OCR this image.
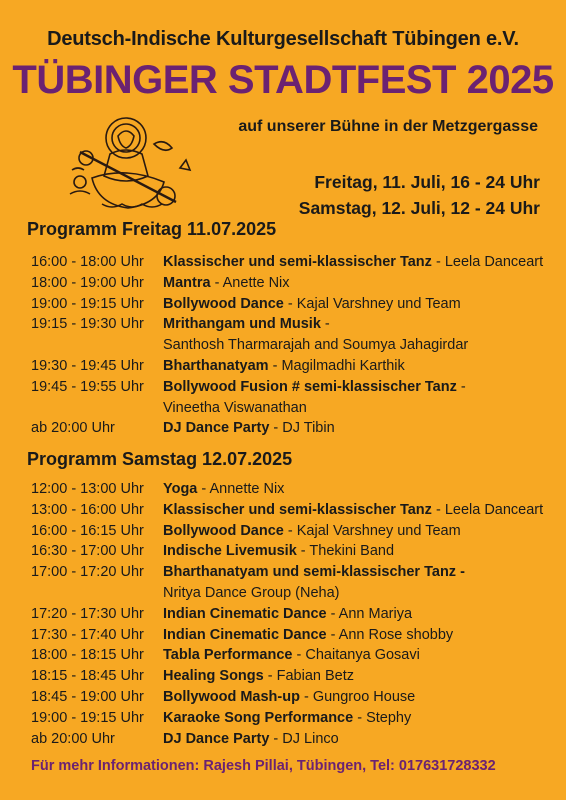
Deutsch-Indische Kulturgesellschaft Tübingen e.V.
TÜBINGER STADTFEST 2025
auf unserer Bühne in der Metzgergasse
Freitag, 11. Juli, 16 - 24 Uhr
Samstag, 12. Juli, 12 - 24 Uhr
Programm Freitag 11.07.2025
16:00 - 18:00 Uhr Klassischer und semi-klassischer Tanz - Leela Danceart
18:00 - 19:00 Uhr Mantra - Anette Nix
19:00 - 19:15 Uhr Bollywood Dance - Kajal Varshney und Team
19:15 - 19:30 Uhr Mrithangam und Musik -
Santhosh Tharmarajah and Soumya Jahagirdar
19:30 - 19:45 Uhr Bharthanatyam - Magilmadhi Karthik
19:45 - 19:55 Uhr Bollywood Fusion # semi-klassischer Tanz -
Vineetha Viswanathan
ab 20:00 Uhr	DJ Dance Party - DJ Tibin
Programm Samstag 12.07.2025
12:00 - 13:00 Uhr Yoga - Annette Nix
13:00 - 16:00 Uhr Klassischer und semi-klassischer Tanz - Leela Danceart
16:00 - 16:15 Uhr Bollywood Dance - Kajal Varshney und Team
16:30 - 17:00 Uhr Indische Livemusik - Thekini Band
17:00 - 17:20 Uhr Bharthanatyam und semi-klassischer Tanz -
Nritya Dance Group (Neha)
17:20 - 17:30 Uhr Indian Cinematic Dance - Ann Mariya
17:30 - 17:40 Uhr Indian Cinematic Dance - Ann Rose shobby
18:00 - 18:15 Uhr Tabla Performance - Chaitanya Gosavi
18:15 - 18:45 Uhr Healing Songs - Fabian Betz
18:45 - 19:00 Uhr Bollywood Mash-up - Gungroo House
19:00 - 19:15 Uhr Karaoke Song Performance - Stephy
ab 20:00 Uhr	DJ Dance Party - DJ Linco
Für mehr Informationen: Rajesh Pillai, Tübingen, Tel: 017631728332
